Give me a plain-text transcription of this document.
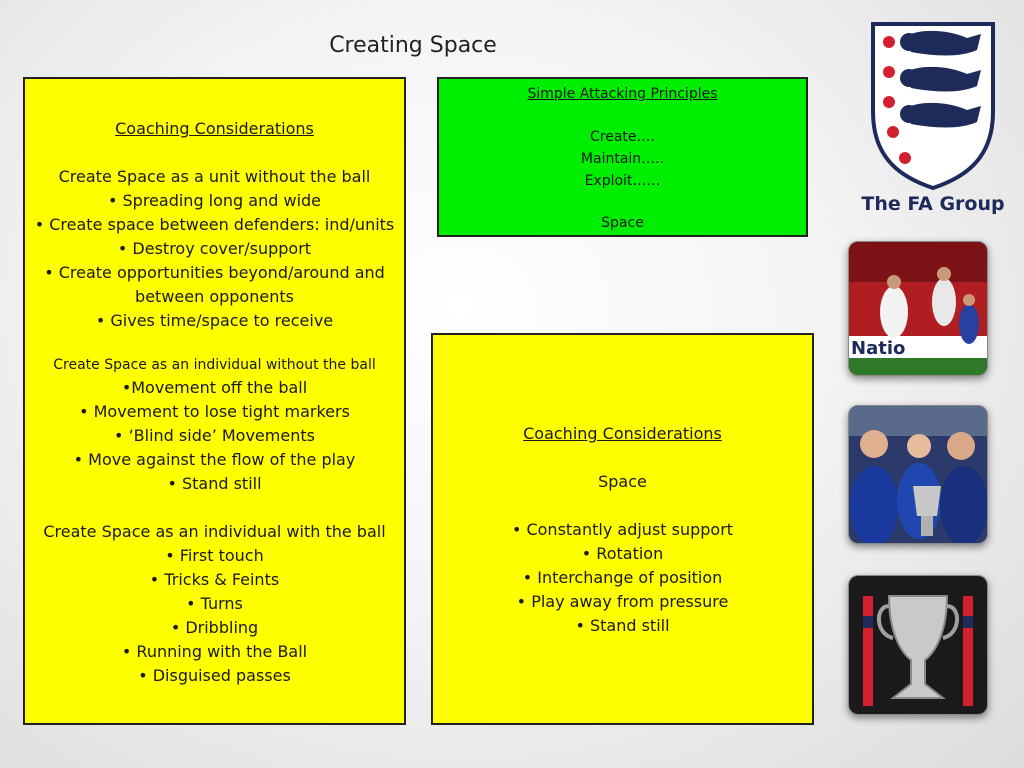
Creating Space
Coaching Considerations
Create Space as a unit without the ball
• Spreading long and wide
• Create space between defenders: ind/units
• Destroy cover/support
• Create opportunities beyond/around and
between opponents
• Gives time/space to receive
Create Space as an individual without the ball
•Movement off the ball
• Movement to lose tight markers
• ‘Blind side’ Movements
• Move against the flow of the play
• Stand still
Create Space as an individual with the ball
• First touch
• Tricks & Feints
• Turns
• Dribbling
• Running with the Ball
• Disguised passes
Simple Attacking Principles
Create….
Maintain…..
Exploit……
Space
Coaching Considerations
Space
• Constantly adjust support
• Rotation
• Interchange of position
• Play away from pressure
• Stand still
The FA Group
Natio
